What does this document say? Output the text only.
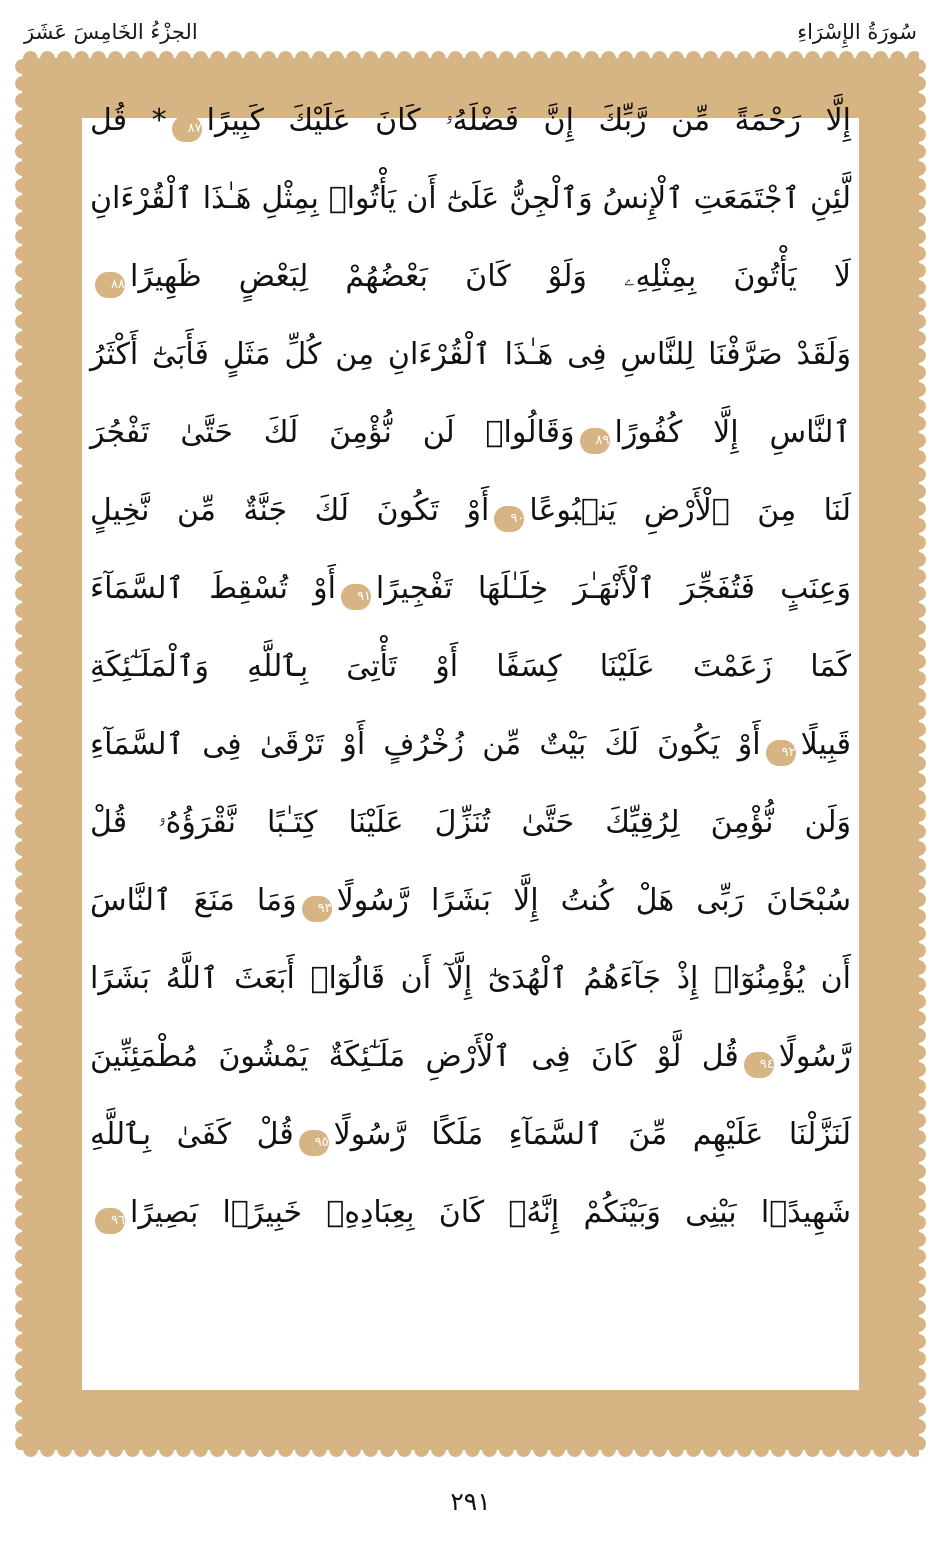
الجزْءُ الخَامِسَ عَشَرَ	سُورَةُ الإِسْرَاءِ
إِلَّا رَحْمَةً مِّن رَّبِّكَ إِنَّ فَضْلَهُۥ كَانَ عَلَيْكَ كَبِيرًا٨٧* قُل
لَّئِنِ ٱجْتَمَعَتِ ٱلْإِنسُ وَٱلْجِنُّ عَلَىٰٓ أَن يَأْتُوا۟ بِمِثْلِ هَـٰذَا ٱلْقُرْءَانِ
لَا يَأْتُونَ بِمِثْلِهِۦ وَلَوْ كَانَ بَعْضُهُمْ لِبَعْضٍ ظَهِيرًا٨٨
وَلَقَدْ صَرَّفْنَا لِلنَّاسِ فِى هَـٰذَا ٱلْقُرْءَانِ مِن كُلِّ مَثَلٍ فَأَبَىٰٓ أَكْثَرُ
ٱلنَّاسِ إِلَّا كُفُورًا٨٩وَقَالُوا۟ لَن نُّؤْمِنَ لَكَ حَتَّىٰ تَفْجُرَ
لَنَا مِنَ ٱلْأَرْضِ يَنۢبُوعًا٩٠أَوْ تَكُونَ لَكَ جَنَّةٌ مِّن نَّخِيلٍ
وَعِنَبٍ فَتُفَجِّرَ ٱلْأَنْهَـٰرَ خِلَـٰلَهَا تَفْجِيرًا٩١أَوْ تُسْقِطَ ٱلسَّمَآءَ
كَمَا زَعَمْتَ عَلَيْنَا كِسَفًا أَوْ تَأْتِىَ بِٱللَّهِ وَٱلْمَلَـٰٓئِكَةِ
قَبِيلًا٩٢أَوْ يَكُونَ لَكَ بَيْتٌ مِّن زُخْرُفٍ أَوْ تَرْقَىٰ فِى ٱلسَّمَآءِ
وَلَن نُّؤْمِنَ لِرُقِيِّكَ حَتَّىٰ تُنَزِّلَ عَلَيْنَا كِتَـٰبًا نَّقْرَؤُهُۥ قُلْ
سُبْحَانَ رَبِّى هَلْ كُنتُ إِلَّا بَشَرًا رَّسُولًا٩٣وَمَا مَنَعَ ٱلنَّاسَ
أَن يُؤْمِنُوٓا۟ إِذْ جَآءَهُمُ ٱلْهُدَىٰٓ إِلَّآ أَن قَالُوٓا۟ أَبَعَثَ ٱللَّهُ بَشَرًا
رَّسُولًا٩٤قُل لَّوْ كَانَ فِى ٱلْأَرْضِ مَلَـٰٓئِكَةٌ يَمْشُونَ مُطْمَئِنِّينَ
لَنَزَّلْنَا عَلَيْهِم مِّنَ ٱلسَّمَآءِ مَلَكًا رَّسُولًا٩٥قُلْ كَفَىٰ بِٱللَّهِ
شَهِيدًۢا بَيْنِى وَبَيْنَكُمْ إِنَّهُۥ كَانَ بِعِبَادِهِۦ خَبِيرًۢا بَصِيرًا٩٦
٢٩١
